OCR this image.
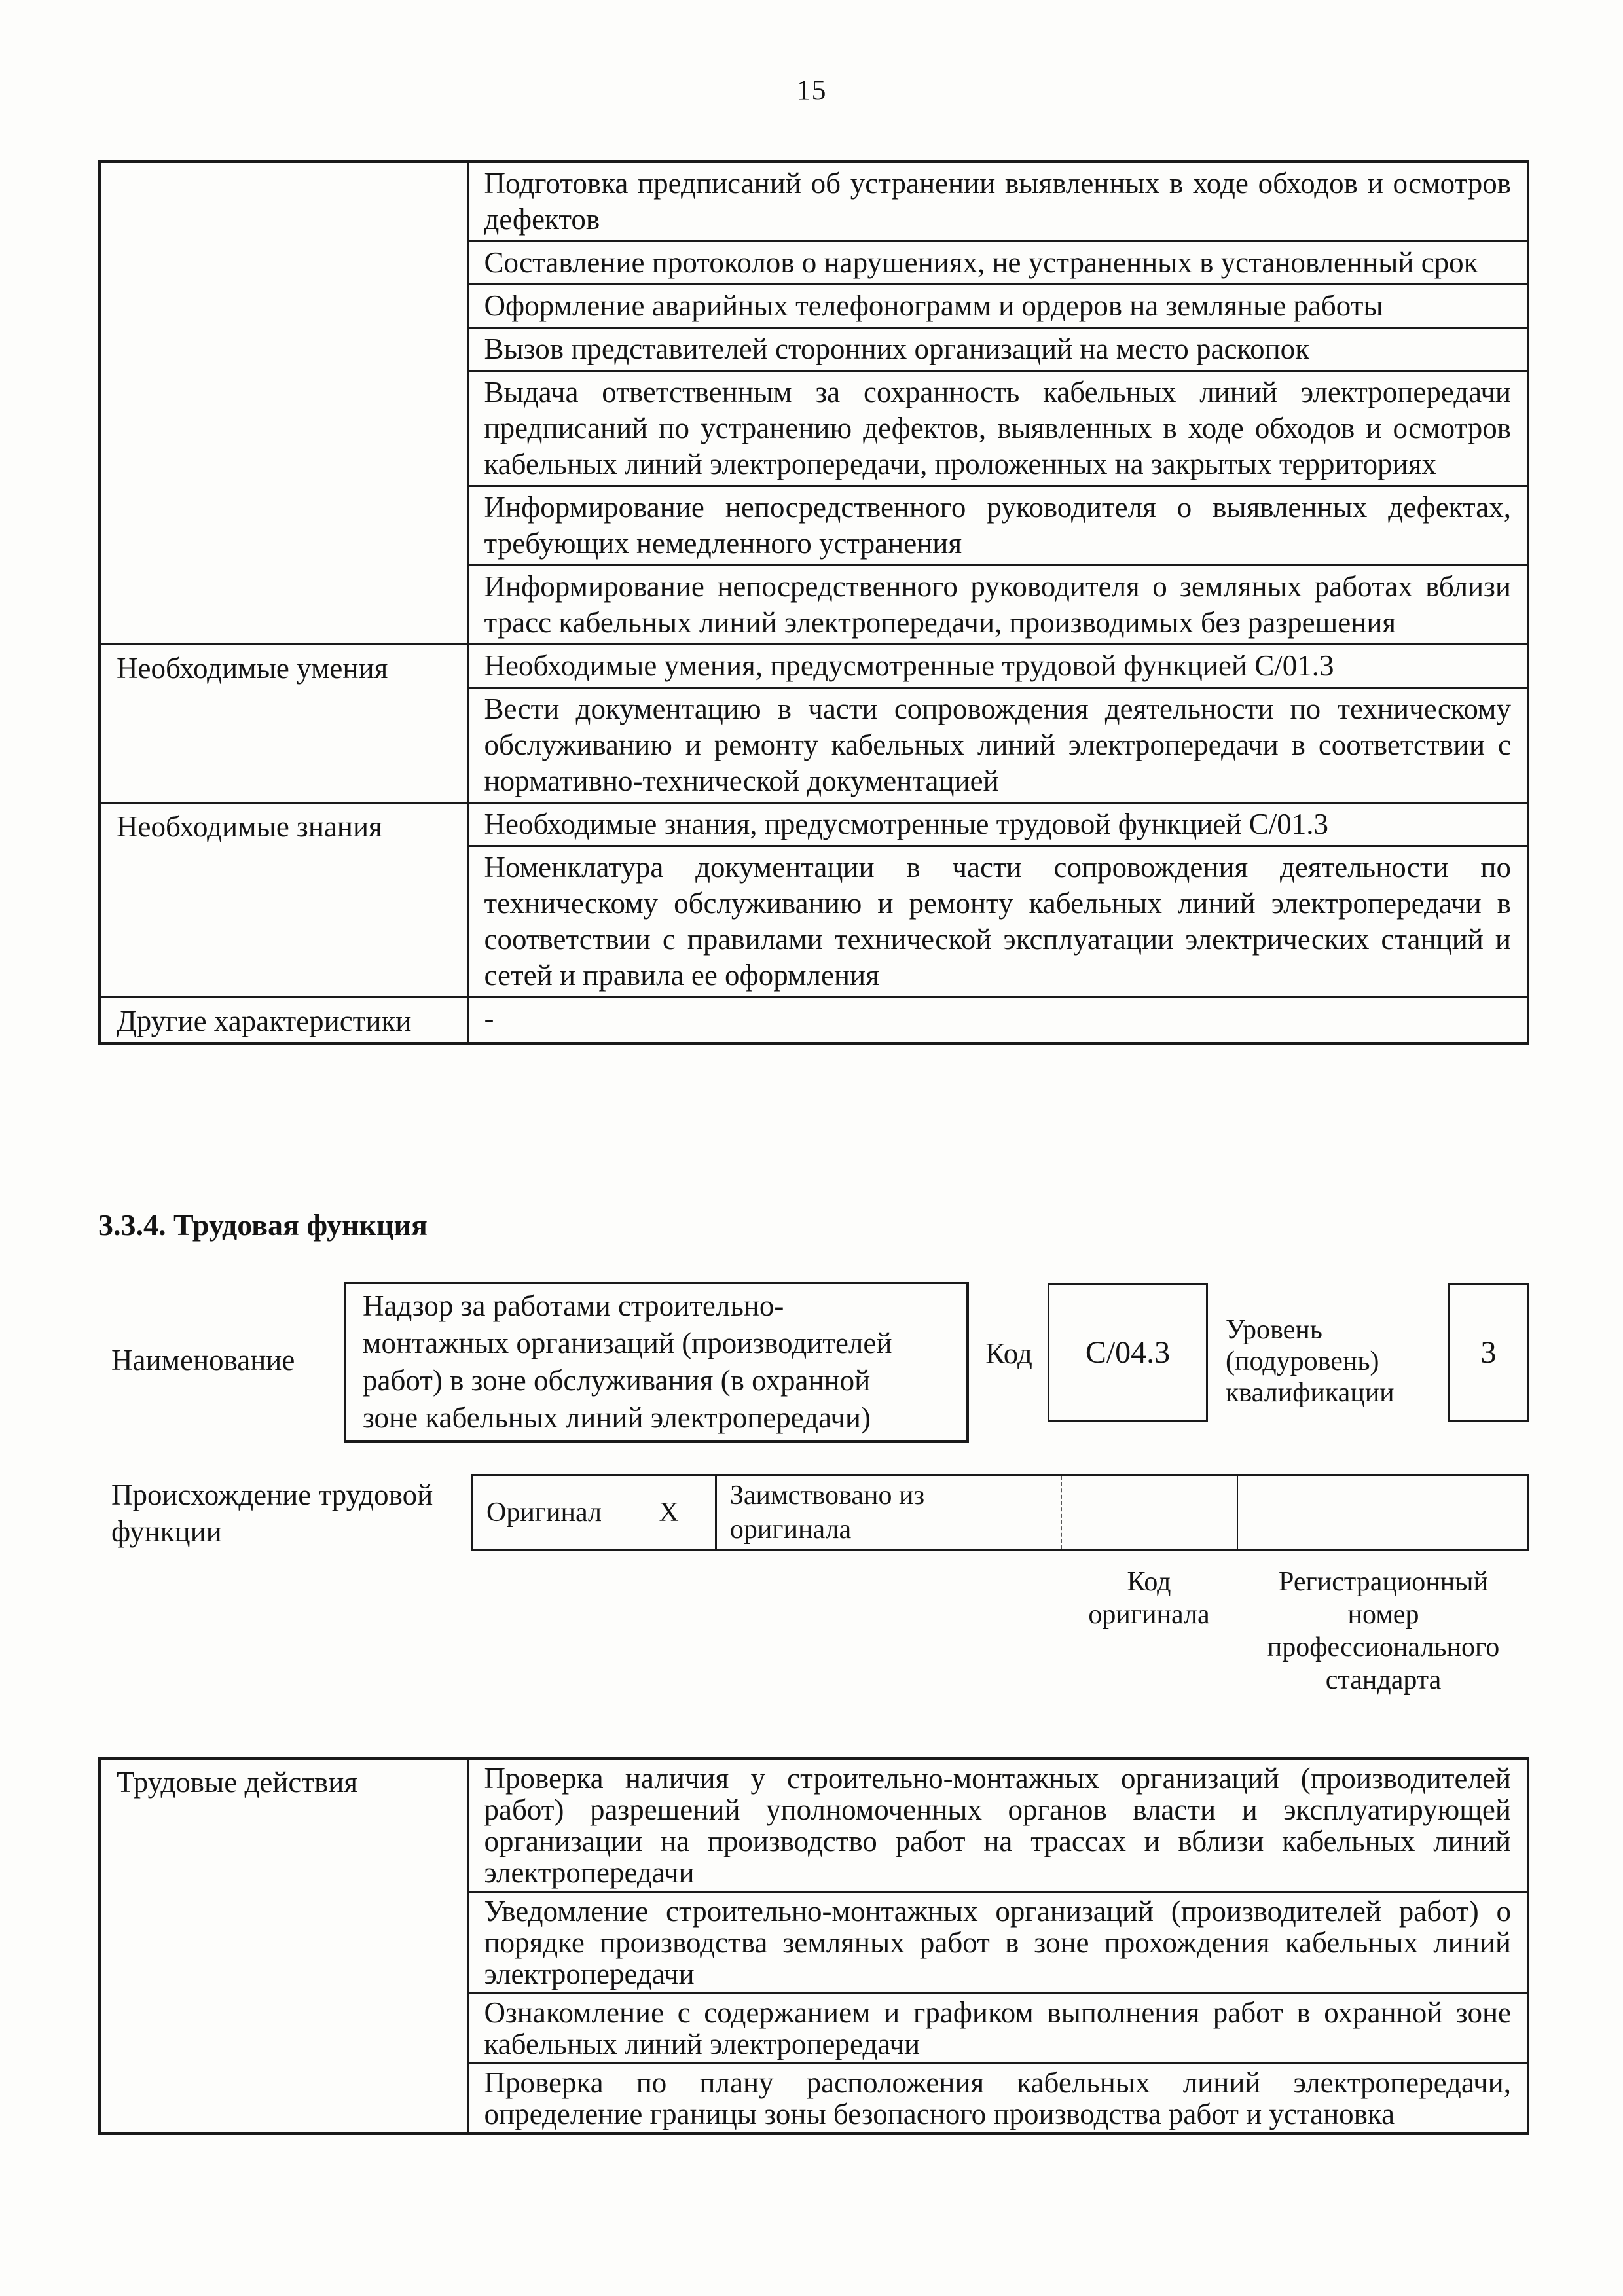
15
	Подготовка предписаний об устранении выявленных в ходе обходов и осмотров дефектов
	Составление протоколов о нарушениях, не устраненных в установленный срок
	Оформление аварийных телефонограмм и ордеров на земляные работы
	Вызов представителей сторонних организаций на место раскопок
	Выдача ответственным за сохранность кабельных линий электропередачи предписаний по устранению дефектов, выявленных в ходе обходов и осмотров кабельных линий электропередачи, проложенных на закрытых территориях
	Информирование непосредственного руководителя о выявленных дефектах, требующих немедленного устранения
	Информирование непосредственного руководителя о земляных работах вблизи трасс кабельных линий электропередачи, производимых без разрешения
Необходимые умения	Необходимые умения, предусмотренные трудовой функцией С/01.3
	Вести документацию в части сопровождения деятельности по техническому обслуживанию и ремонту кабельных линий электропередачи в соответствии с нормативно-технической документацией
Необходимые знания	Необходимые знания, предусмотренные трудовой функцией С/01.3
	Номенклатура документации в части сопровождения деятельности по техническому обслуживанию и ремонту кабельных линий электропередачи в соответствии с правилами технической эксплуатации электрических станций и сетей и правила ее оформления
Другие характеристики	-
3.3.4. Трудовая функция
Наименование
Надзор за работами строительно-
монтажных организаций (производителей
работ) в зоне обслуживания (в охранной
зоне кабельных линий электропередачи)
Код	С/04.3
Уровень
(подуровень)
квалификации
3
Происхождение трудовой
функции
Оригинал Х
Заимствовано из
оригинала
Код
оригинала
Регистрационный
номер
профессионального
стандарта
Трудовые действия	Проверка наличия у строительно-монтажных организаций (производителей работ) разрешений уполномоченных органов власти и эксплуатирующей организации на производство работ на трассах и вблизи кабельных линий электропередачи
Уведомление строительно-монтажных организаций (производителей работ) о порядке производства земляных работ в зоне прохождения кабельных линий электропередачи
Ознакомление с содержанием и графиком выполнения работ в охранной зоне кабельных линий электропередачи
Проверка по плану расположения кабельных линий электропередачи, определение границы зоны безопасного производства работ и установка
